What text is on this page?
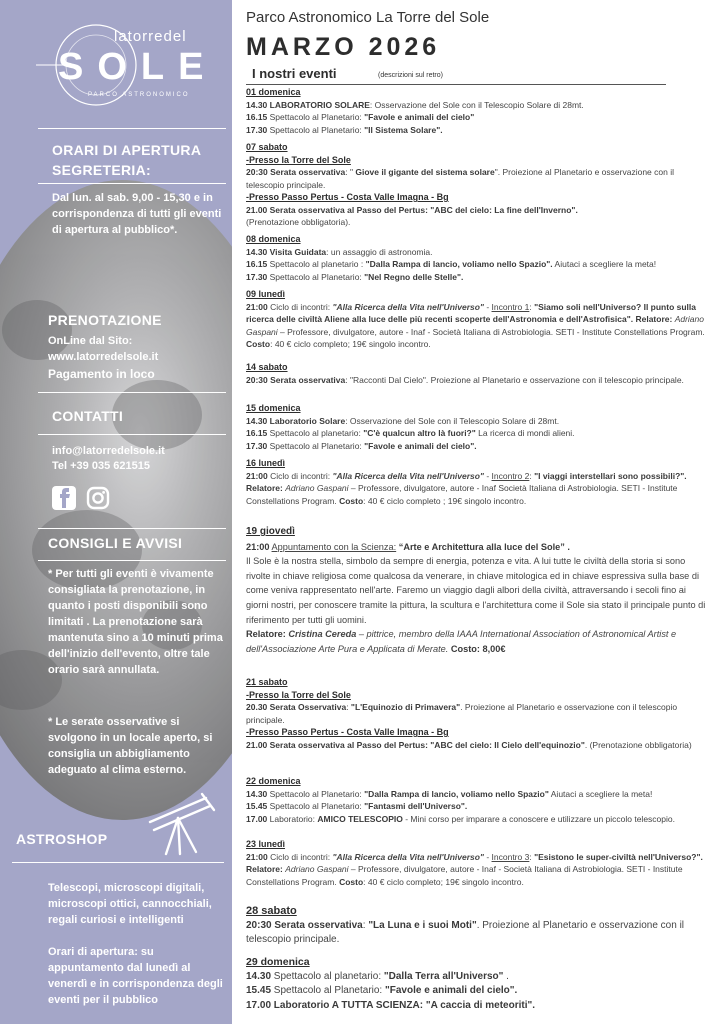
latorredel
SOLE
PARCO ASTRONOMICO
ORARI DI APERTURA
SEGRETERIA:
Dal lun. al sab. 9,00 - 15,30 e in corrispondenza di tutti gli eventi di apertura al pubblico*.
PRENOTAZIONE
OnLine dal Sito:
www.latorredelsole.it
Pagamento in loco
CONTATTI
info@latorredelsole.it
Tel +39 035 621515
CONSIGLI E AVVISI
* Per tutti gli eventi è vivamente consigliata la prenotazione, in quanto i posti disponibili sono limitati . La prenotazione sarà mantenuta sino a 10 minuti prima dell'inizio dell'evento, oltre tale orario sarà annullata.
* Le serate osservative si svolgono in un locale aperto, si consiglia un abbigliamento adeguato al clima esterno.
ASTROSHOP
Telescopi, microscopi digitali, microscopi ottici, cannocchiali, regali curiosi e intelligenti
Orari di apertura: su appuntamento dal lunedì al venerdì e in corrispondenza degli eventi per il pubblico
Parco Astronomico La Torre del Sole
MARZO 2026
I nostri eventi	(descrizioni sul retro)
01 domenica
14.30 LABORATORIO SOLARE: Osservazione del Sole con il Telescopio Solare di 28mt.
16.15 Spettacolo al Planetario: "Favole e animali del cielo"
17.30 Spettacolo al Planetario: "Il Sistema Solare".
07 sabato
-Presso la Torre del Sole
20:30 Serata osservativa: " Giove il gigante del sistema solare". Proiezione al Planetario e osservazione con il telescopio principale.
-Presso Passo Pertus - Costa Valle Imagna - Bg
21.00 Serata osservativa al Passo del Pertus: "ABC del cielo: La fine dell'Inverno".
(Prenotazione obbligatoria).
08 domenica
14.30 Visita Guidata: un assaggio di astronomia.
16.15 Spettacolo al planetario : "Dalla Rampa di lancio, voliamo nello Spazio". Aiutaci a scegliere la meta!
17.30 Spettacolo al Planetario: "Nel Regno delle Stelle".
09 lunedì
21:00 Ciclo di incontri: "Alla Ricerca della Vita nell'Universo" - Incontro 1: "Siamo soli nell'Universo? Il punto sulla ricerca delle civiltà Aliene alla luce delle più recenti scoperte dell'Astronomia e dell'Astrofisica". Relatore: Adriano Gaspani – Professore, divulgatore, autore - Inaf - Società Italiana di Astrobiologia. SETI - Institute Constellations Program. Costo: 40 € ciclo completo; 19€ singolo incontro.
14 sabato
20:30 Serata osservativa: "Racconti Dal Cielo". Proiezione al Planetario e osservazione con il telescopio principale.
15 domenica
14.30 Laboratorio Solare: Osservazione del Sole con il Telescopio Solare di 28mt.
16.15 Spettacolo al planetario: "C'è qualcun altro là fuori?" La ricerca di mondi alieni.
17.30 Spettacolo al Planetario: "Favole e animali del cielo".
16 lunedì
21:00 Ciclo di incontri: "Alla Ricerca della Vita nell'Universo" - Incontro 2: "I viaggi interstellari sono possibili?". Relatore: Adriano Gaspani – Professore, divulgatore, autore - Inaf Società Italiana di Astrobiologia. SETI - Institute Constellations Program. Costo: 40 € ciclo completo ; 19€ singolo incontro.
19 giovedì
21:00 Appuntamento con la Scienza: “Arte e Architettura alla luce del Sole” .
Il Sole è la nostra stella, simbolo da sempre di energia, potenza e vita. A lui tutte le civiltà della storia si sono rivolte in chiave religiosa come qualcosa da venerare, in chiave mitologica ed in chiave espressiva sulla base di come veniva rappresentato nell'arte. Faremo un viaggio dagli albori della civiltà, attraversando i secoli fino ai giorni nostri, per conoscere tramite la pittura, la scultura e l'architettura come il Sole sia stato il principale punto di riferimento per tutti gli uomini.
Relatore: Cristina Cereda – pittrice, membro della IAAA International Association of Astronomical Artist e dell'Associazione Arte Pura e Applicata di Merate. Costo: 8,00€
21 sabato
-Presso la Torre del Sole
20.30 Serata Osservativa: "L'Equinozio di Primavera". Proiezione al Planetario e osservazione con il telescopio principale.
-Presso Passo Pertus - Costa Valle Imagna - Bg
21.00 Serata osservativa al Passo del Pertus: "ABC del cielo: Il Cielo dell'equinozio". (Prenotazione obbligatoria)
22 domenica
14.30 Spettacolo al Planetario: "Dalla Rampa di lancio, voliamo nello Spazio" Aiutaci a scegliere la meta!
15.45 Spettacolo al Planetario: "Fantasmi dell'Universo".
17.00 Laboratorio: AMICO TELESCOPIO - Mini corso per imparare a conoscere e utilizzare un piccolo telescopio.
23 lunedì
21:00 Ciclo di incontri: "Alla Ricerca della Vita nell'Universo" - Incontro 3: "Esistono le super-civiltà nell'Universo?". Relatore: Adriano Gaspani – Professore, divulgatore, autore - Inaf - Società Italiana di Astrobiologia. SETI - Institute Constellations Program. Costo: 40 € ciclo completo; 19€ singolo incontro.
28 sabato
20:30 Serata osservativa: "La Luna e i suoi Moti". Proiezione al Planetario e osservazione con il telescopio principale.
29 domenica
14.30 Spettacolo al planetario: "Dalla Terra all'Universo" .
15.45 Spettacolo al Planetario: "Favole e animali del cielo".
17.00 Laboratorio A TUTTA SCIENZA: "A caccia di meteoriti".
